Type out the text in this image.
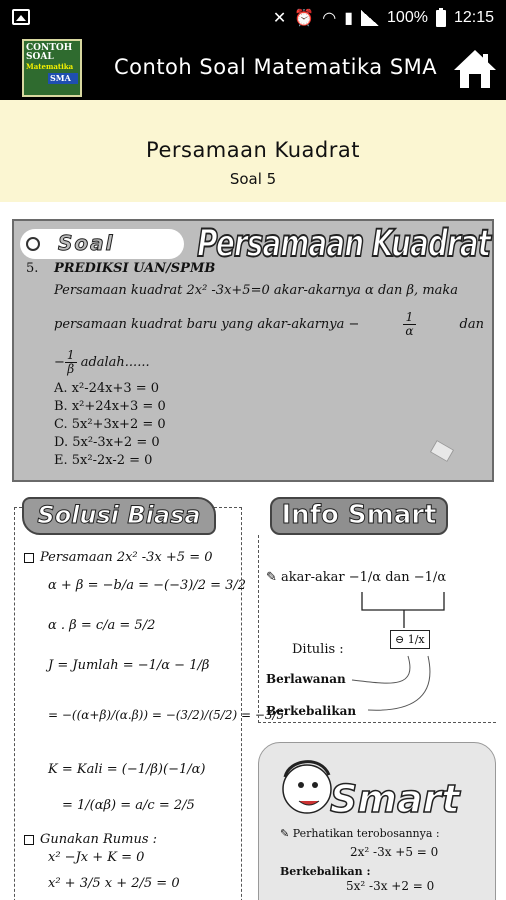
✕ ⏰ ◠ ▮ 100% 12:15
CONTOH
SOAL
Matematika
SMA	Contoh Soal Matematika SMA
Persamaan Kuadrat
Soal 5
Soal	Persamaan Kuadrat
5. PREDIKSI UAN/SPMB
Persamaan kuadrat 2x² -3x+5=0 akar-akarnya α dan β, maka
persamaan kuadrat baru yang akar-akarnya −	$\frac{1}{\alpha}$	dan
− $\frac{1}{\beta}$ adalah......
A. x²-24x+3 = 0
B. x²+24x+3 = 0
C. 5x²+3x+2 = 0
D. 5x²-3x+2 = 0
E. 5x²-2x-2 = 0
Solusi Biasa
Persamaan 2x² -3x +5 = 0
α + β = −b/a = −(−3)/2 = 3/2
α . β = c/a = 5/2
J = Jumlah = −1/α − 1/β
= −((α+β)/(α.β)) = −(3/2)/(5/2) = −3/5
K = Kali = (−1/β)(−1/α)
= 1/(αβ) = a/c = 2/5
Gunakan Rumus :
x² −Jx + K = 0
x² + 3/5 x + 2/5 = 0
Info Smart
✎ akar-akar −1/α dan −1/α
Ditulis :
⊖ 1/x
Berlawanan
Berkebalikan
Smart
✎ Perhatikan terobosannya :
2x² -3x +5 = 0
Berkebalikan :
5x² -3x +2 = 0
